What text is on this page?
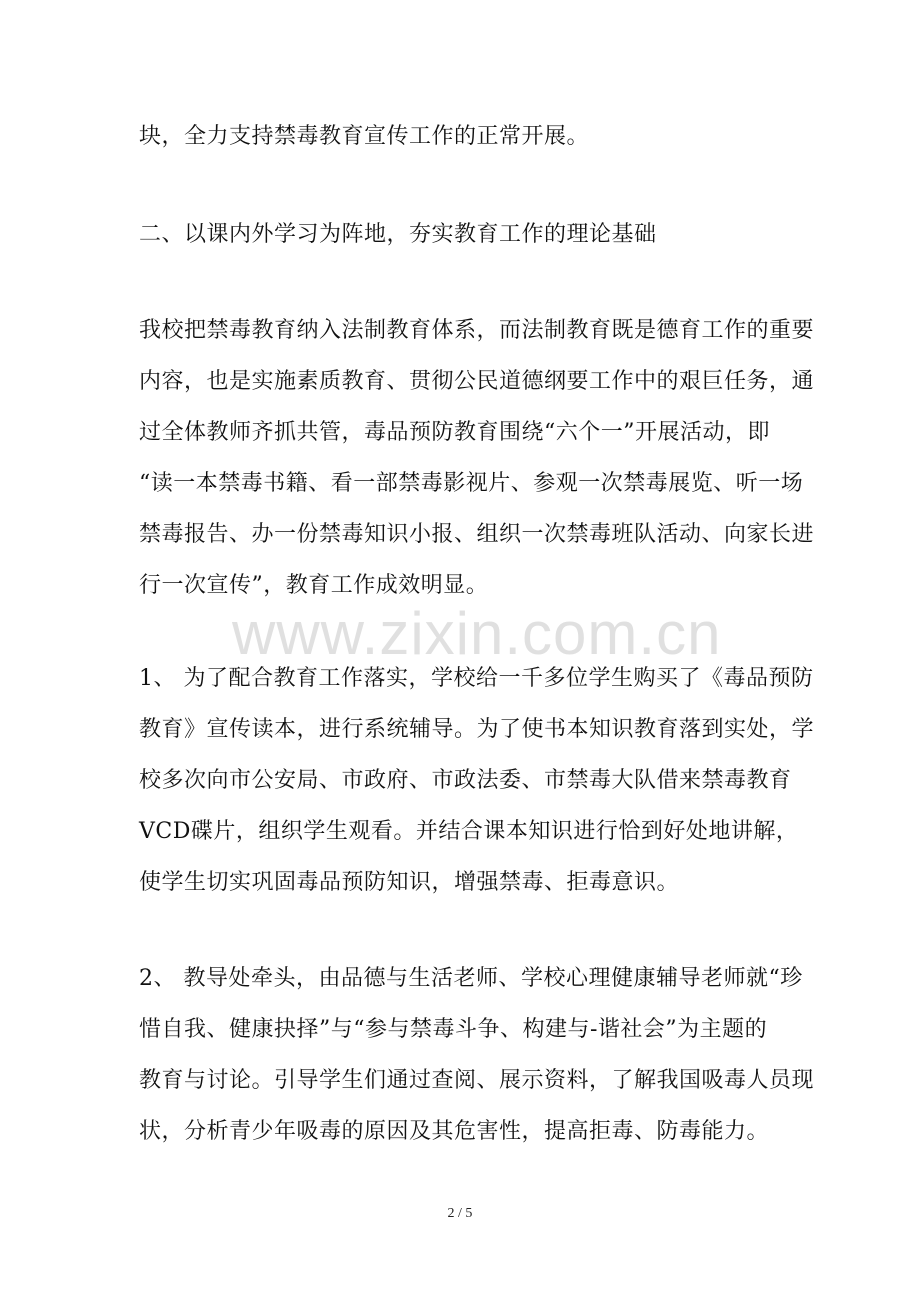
块，全力支持禁毒教育宣传工作的正常开展。
二、以课内外学习为阵地，夯实教育工作的理论基础
我校把禁毒教育纳入法制教育体系，而法制教育既是德育工作的重要
内容，也是实施素质教育、贯彻公民道德纲要工作中的艰巨任务，通
过全体教师齐抓共管，毒品预防教育围绕“六个一”开展活动，即
“读一本禁毒书籍、看一部禁毒影视片、参观一次禁毒展览、听一场
禁毒报告、办一份禁毒知识小报、组织一次禁毒班队活动、向家长进
行一次宣传”，教育工作成效明显。
www.zixin.com.cn
1、 为了配合教育工作落实，学校给一千多位学生购买了《毒品预防
教育》宣传读本，进行系统辅导。为了使书本知识教育落到实处，学
校多次向市公安局、市政府、市政法委、市禁毒大队借来禁毒教育
VCD碟片，组织学生观看。并结合课本知识进行恰到好处地讲解，
使学生切实巩固毒品预防知识，增强禁毒、拒毒意识。
2、 教导处牵头，由品德与生活老师、学校心理健康辅导老师就“珍
惜自我、健康抉择”与“参与禁毒斗争、构建与-谐社会”为主题的
教育与讨论。引导学生们通过查阅、展示资料，了解我国吸毒人员现
状，分析青少年吸毒的原因及其危害性，提高拒毒、防毒能力。
2 / 5
